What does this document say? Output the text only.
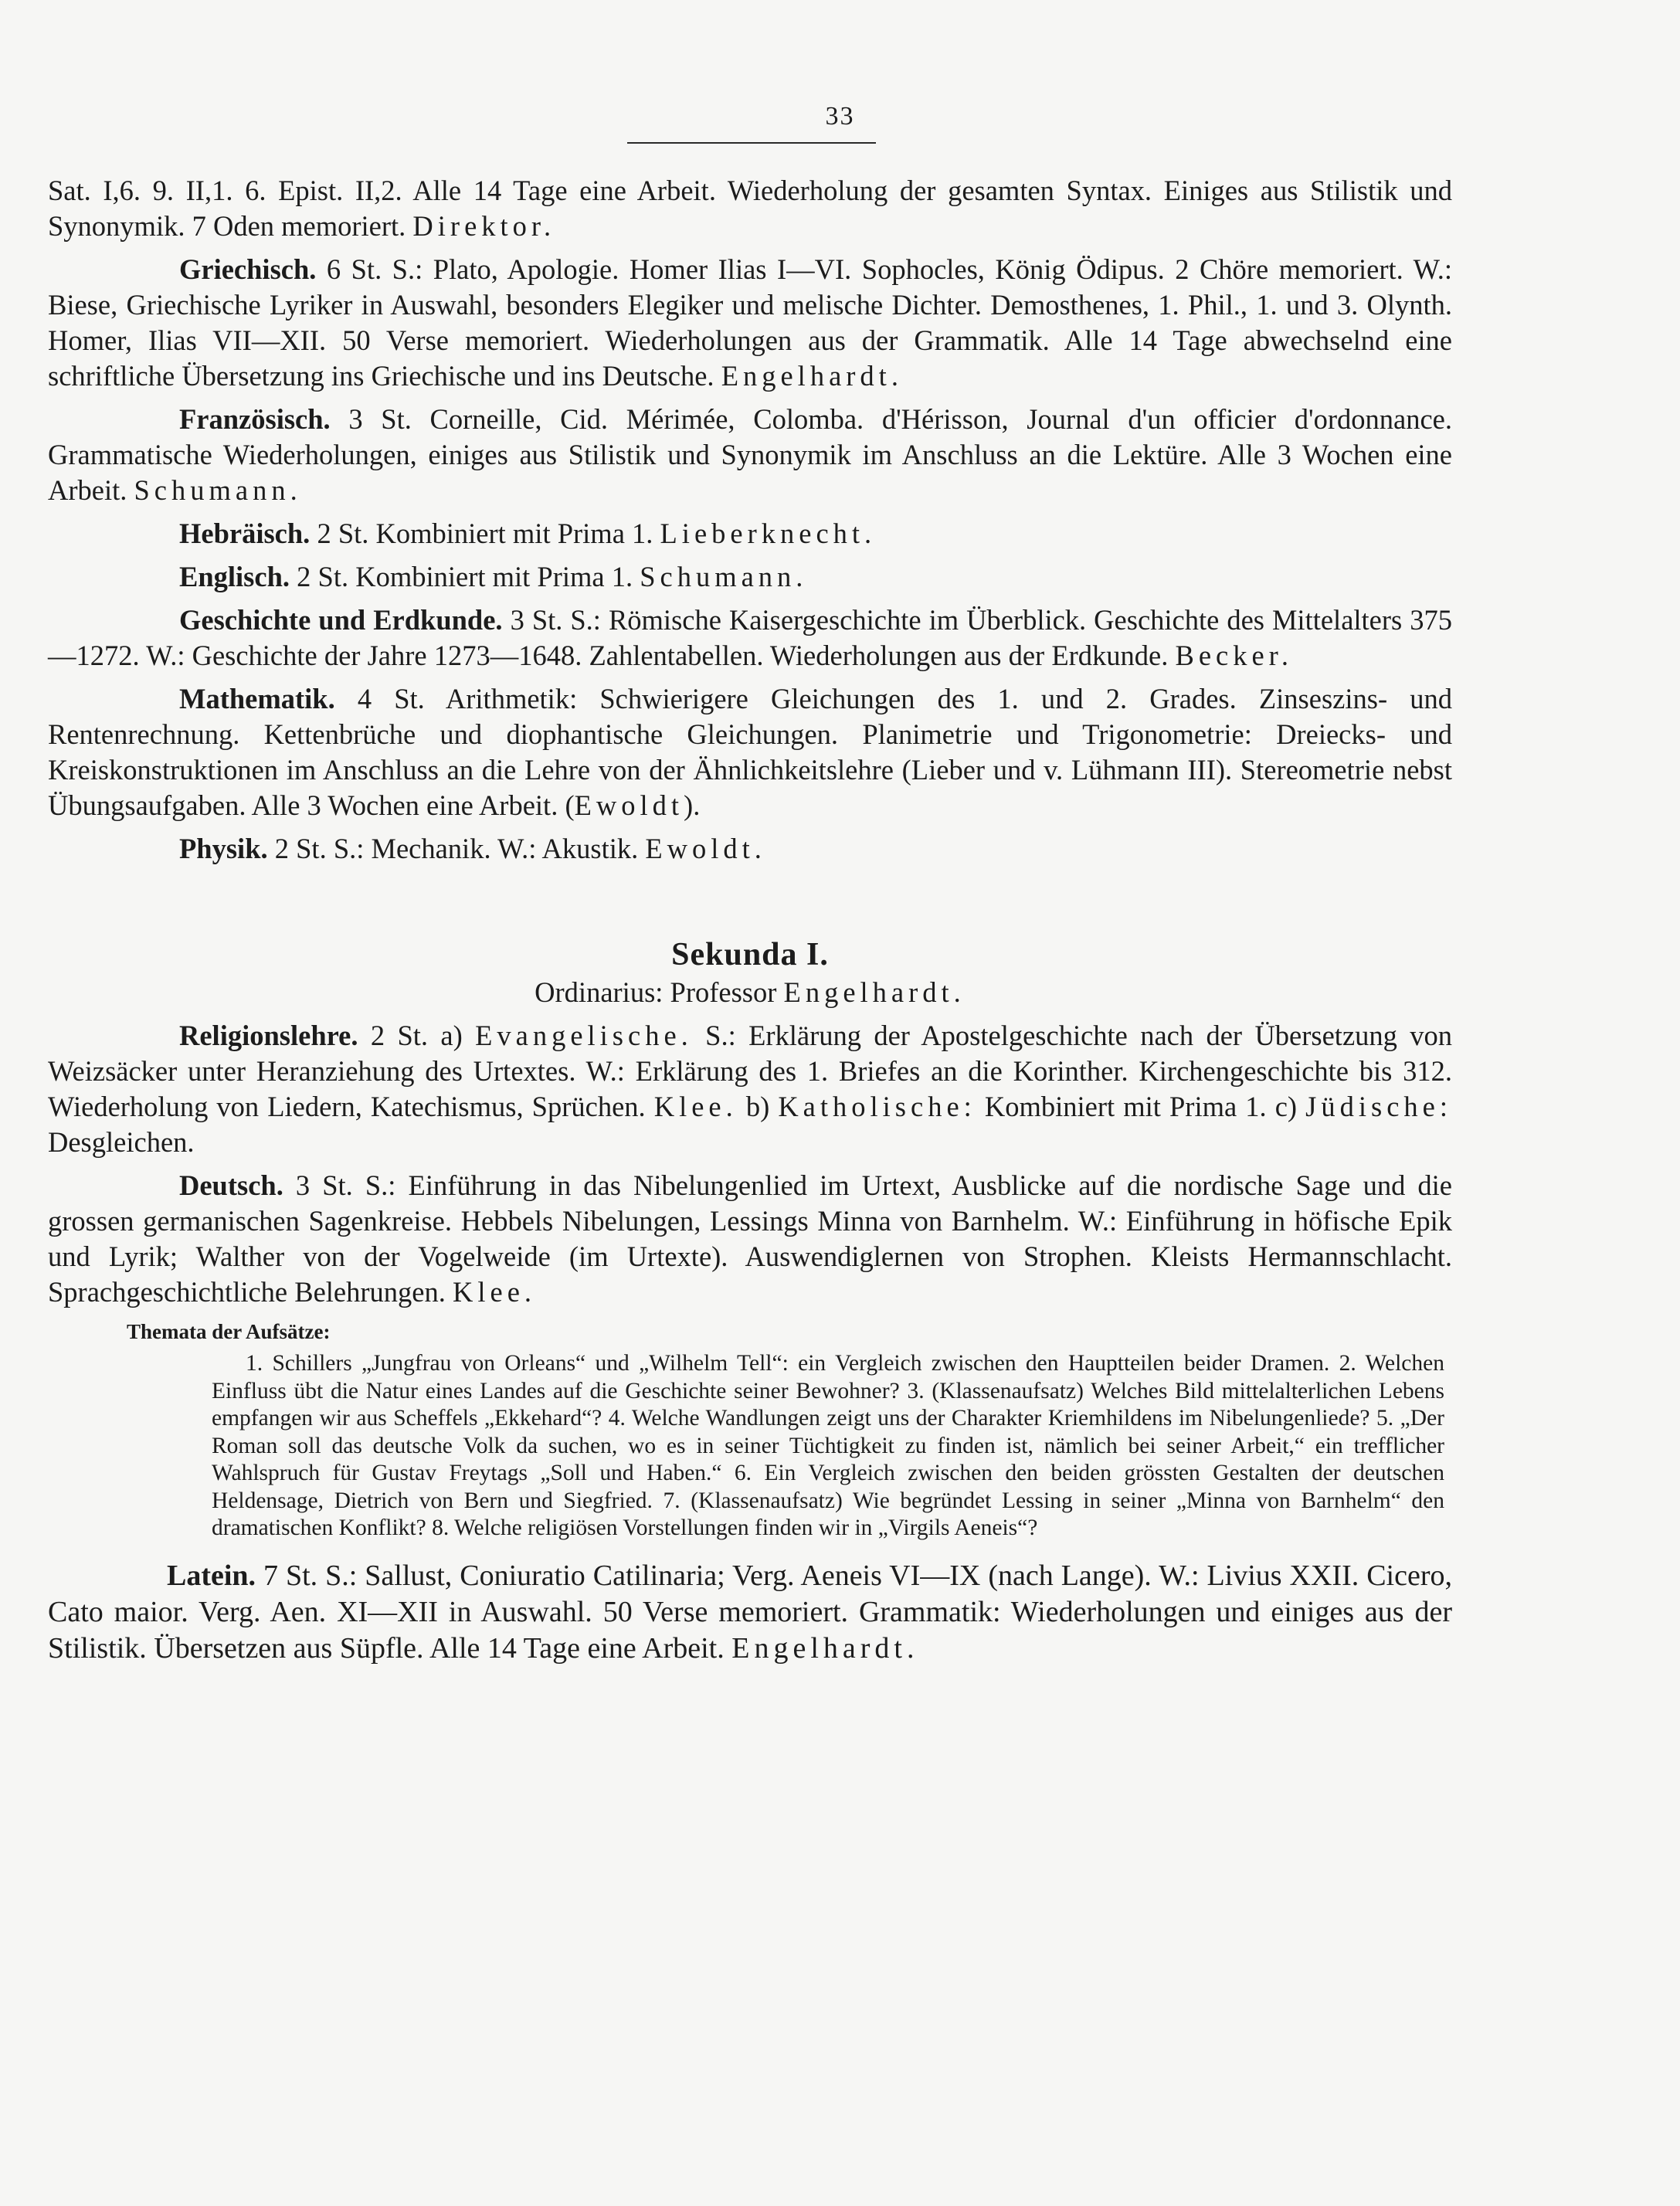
33

Sat. I,6. 9. II,1. 6. Epist. II,2. Alle 14 Tage eine Arbeit. Wiederholung der gesamten Syntax. Einiges aus Stilistik und Synonymik. 7 Oden memoriert. Direktor.

Griechisch. 6 St. S.: Plato, Apologie. Homer Ilias I—VI. Sophocles, König Ödipus. 2 Chöre memoriert. W.: Biese, Griechische Lyriker in Auswahl, besonders Elegiker und melische Dichter. Demosthenes, 1. Phil., 1. und 3. Olynth. Homer, Ilias VII—XII. 50 Verse memoriert. Wiederholungen aus der Grammatik. Alle 14 Tage abwechselnd eine schriftliche Übersetzung ins Griechische und ins Deutsche. Engelhardt.

Französisch. 3 St. Corneille, Cid. Mérimée, Colomba. d'Hérisson, Journal d'un officier d'ordonnance. Grammatische Wiederholungen, einiges aus Stilistik und Synonymik im Anschluss an die Lektüre. Alle 3 Wochen eine Arbeit. Schumann.

Hebräisch. 2 St. Kombiniert mit Prima 1. Lieberknecht.

Englisch. 2 St. Kombiniert mit Prima 1. Schumann.

Geschichte und Erdkunde. 3 St. S.: Römische Kaisergeschichte im Überblick. Geschichte des Mittelalters 375—1272. W.: Geschichte der Jahre 1273—1648. Zahlentabellen. Wiederholungen aus der Erdkunde. Becker.

Mathematik. 4 St. Arithmetik: Schwierigere Gleichungen des 1. und 2. Grades. Zinseszins- und Rentenrechnung. Kettenbrüche und diophantische Gleichungen. Planimetrie und Trigonometrie: Dreiecks- und Kreiskonstruktionen im Anschluss an die Lehre von der Ähnlichkeitslehre (Lieber und v. Lühmann III). Stereometrie nebst Übungsaufgaben. Alle 3 Wochen eine Arbeit. (Ewoldt).

Physik. 2 St. S.: Mechanik. W.: Akustik. Ewoldt.

Sekunda I.
Ordinarius: Professor Engelhardt.

Religionslehre. 2 St. a) Evangelische. S.: Erklärung der Apostelgeschichte nach der Übersetzung von Weizsäcker unter Heranziehung des Urtextes. W.: Erklärung des 1. Briefes an die Korinther. Kirchengeschichte bis 312. Wiederholung von Liedern, Katechismus, Sprüchen. Klee. b) Katholische: Kombiniert mit Prima 1. c) Jüdische: Desgleichen.

Deutsch. 3 St. S.: Einführung in das Nibelungenlied im Urtext, Ausblicke auf die nordische Sage und die grossen germanischen Sagenkreise. Hebbels Nibelungen, Lessings Minna von Barnhelm. W.: Einführung in höfische Epik und Lyrik; Walther von der Vogelweide (im Urtexte). Auswendiglernen von Strophen. Kleists Hermannschlacht. Sprachgeschichtliche Belehrungen. Klee.

Themata der Aufsätze:
1. Schillers „Jungfrau von Orleans“ und „Wilhelm Tell“: ein Vergleich zwischen den Hauptteilen beider Dramen. 2. Welchen Einfluss übt die Natur eines Landes auf die Geschichte seiner Bewohner? 3. (Klassenaufsatz) Welches Bild mittelalterlichen Lebens empfangen wir aus Scheffels „Ekkehard“? 4. Welche Wandlungen zeigt uns der Charakter Kriemhildens im Nibelungenliede? 5. „Der Roman soll das deutsche Volk da suchen, wo es in seiner Tüchtigkeit zu finden ist, nämlich bei seiner Arbeit,“ ein trefflicher Wahlspruch für Gustav Freytags „Soll und Haben.“ 6. Ein Vergleich zwischen den beiden grössten Gestalten der deutschen Heldensage, Dietrich von Bern und Siegfried. 7. (Klassenaufsatz) Wie begründet Lessing in seiner „Minna von Barnhelm“ den dramatischen Konflikt? 8. Welche religiösen Vorstellungen finden wir in „Virgils Aeneis“?

Latein. 7 St. S.: Sallust, Coniuratio Catilinaria; Verg. Aeneis VI—IX (nach Lange). W.: Livius XXII. Cicero, Cato maior. Verg. Aen. XI—XII in Auswahl. 50 Verse memoriert. Grammatik: Wiederholungen und einiges aus der Stilistik. Übersetzen aus Süpfle. Alle 14 Tage eine Arbeit. Engelhardt.
